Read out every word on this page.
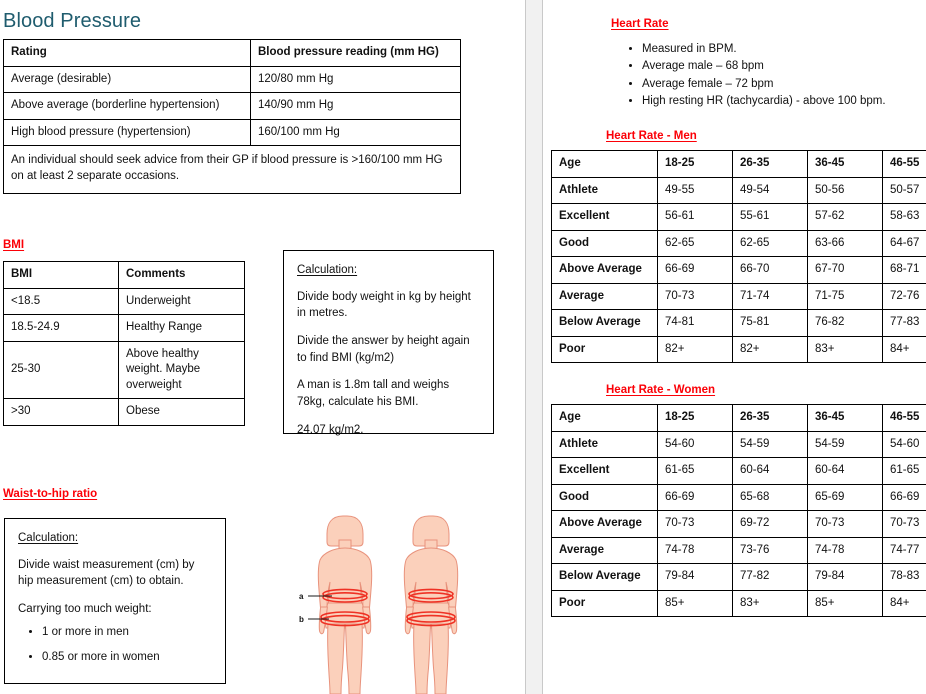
Blood Pressure
Rating	Blood pressure reading (mm HG)
Average (desirable)	120/80 mm Hg
Above average (borderline hypertension)	140/90 mm Hg
High blood pressure (hypertension)	160/100 mm Hg
An individual should seek advice from their GP if blood pressure is >160/100 mm HG on at least 2 separate occasions.	
BMI
BMI	Comments
<18.5	Underweight
18.5-24.9	Healthy Range
25-30	Above healthy weight. Maybe overweight
>30	Obese
Calculation:

Divide body weight in kg by height in metres.

Divide the answer by height again to find BMI (kg/m2)

A man is 1.8m tall and weighs 78kg, calculate his BMI.

24.07 kg/m2.

Waist-to-hip ratio
Calculation:

Divide waist measurement (cm) by hip measurement (cm) to obtain.

Carrying too much weight:

• 1 or more in men
• 0.85 or more in women
a
b
Heart Rate
• Measured in BPM.
• Average male – 68 bpm
• Average female – 72 bpm
• High resting HR (tachycardia) - above 100 bpm.
Heart Rate - Men
Age	18-25	26-35	36-45	46-55
Athlete	49-55	49-54	50-56	50-57
Excellent	56-61	55-61	57-62	58-63
Good	62-65	62-65	63-66	64-67
Above Average	66-69	66-70	67-70	68-71
Average	70-73	71-74	71-75	72-76
Below Average	74-81	75-81	76-82	77-83
Poor	82+	82+	83+	84+
Heart Rate - Women
Age	18-25	26-35	36-45	46-55
Athlete	54-60	54-59	54-59	54-60
Excellent	61-65	60-64	60-64	61-65
Good	66-69	65-68	65-69	66-69
Above Average	70-73	69-72	70-73	70-73
Average	74-78	73-76	74-78	74-77
Below Average	79-84	77-82	79-84	78-83
Poor	85+	83+	85+	84+
